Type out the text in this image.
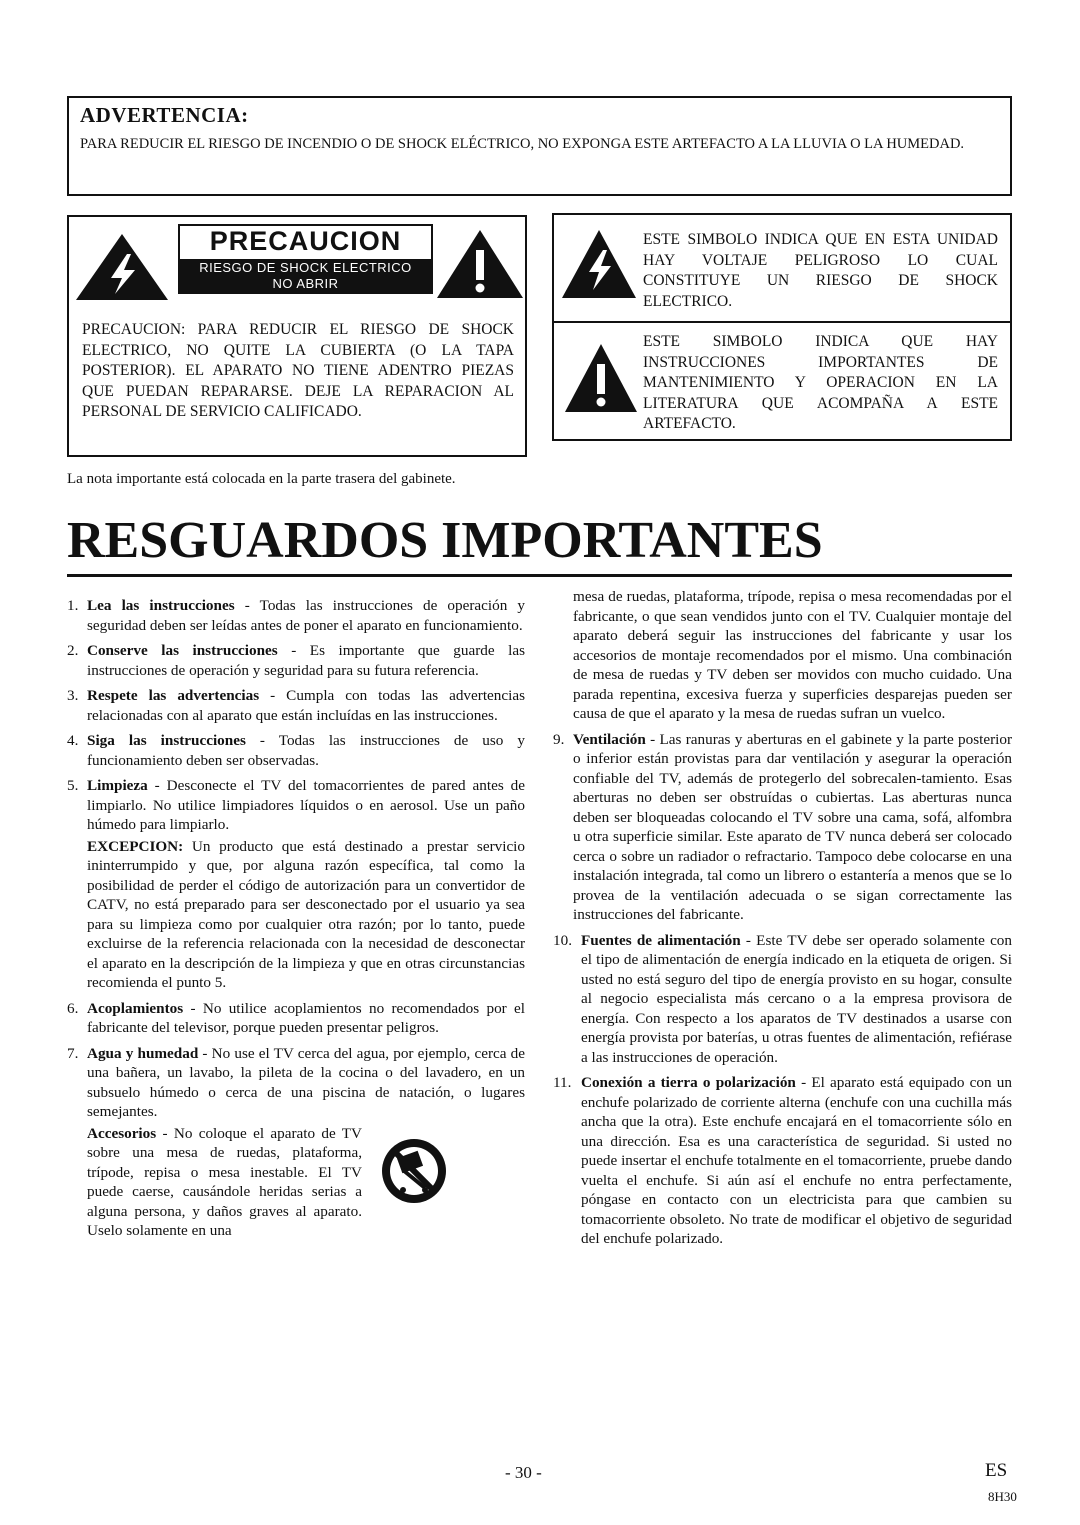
ADVERTENCIA:
PARA REDUCIR EL RIESGO DE INCENDIO O DE SHOCK ELÉCTRICO, NO EXPONGA ESTE ARTEFACTO A LA LLUVIA O LA HUMEDAD.
PRECAUCION
RIESGO DE SHOCK ELECTRICO
NO ABRIR
PRECAUCION: PARA REDUCIR EL RIESGO DE SHOCK ELECTRICO, NO QUITE LA CUBIERTA (O LA TAPA POSTERIOR). EL APARATO NO TIENE ADENTRO PIEZAS QUE PUEDAN REPARARSE. DEJE LA REPARACION AL PERSONAL DE SERVICIO CALIFICADO.
ESTE SIMBOLO INDICA QUE EN ESTA UNIDAD HAY VOLTAJE PELIGROSO LO CUAL CONSTITUYE UN RIESGO DE SHOCK ELECTRICO.
ESTE SIMBOLO INDICA QUE HAY INSTRUCCIONES IMPORTANTES DE MANTENIMIENTO Y OPERACION EN LA LITERATURA QUE ACOMPAÑA A ESTE ARTEFACTO.
La nota importante está colocada en la parte trasera del gabinete.
RESGUARDOS IMPORTANTES
1. Lea las instrucciones - Todas las instrucciones de operación y seguridad deben ser leídas antes de poner el aparato en funcionamiento.
2. Conserve las instrucciones - Es importante que guarde las instrucciones de operación y seguridad para su futura referencia.
3. Respete las advertencias - Cumpla con todas las advertencias relacionadas con al aparato que están incluídas en las instrucciones.
4. Siga las instrucciones - Todas las instrucciones de uso y funcionamiento deben ser observadas.
5. Limpieza - Desconecte el TV del tomacorrientes de pared antes de limpiarlo. No utilice limpiadores líquidos o en aerosol. Use un paño húmedo para limpiarlo.
EXCEPCION: Un producto que está destinado a prestar servicio ininterrumpido y que, por alguna razón específica, tal como la posibilidad de perder el código de autorización para un convertidor de CATV, no está preparado para ser desconectado por el usuario ya sea para su limpieza como por cualquier otra razón; por lo tanto, puede excluirse de la referencia relacionada con la necesidad de desconectar el aparato en la descripción de la limpieza y que en otras circunstancias recomienda el punto 5.
6. Acoplamientos - No utilice acoplamientos no recomendados por el fabricante del televisor, porque pueden presentar peligros.
7. Agua y humedad - No use el TV cerca del agua, por ejemplo, cerca de una bañera, un lavabo, la pileta de la cocina o del lavadero, en un subsuelo húmedo o cerca de una piscina de natación, o lugares semejantes.
Accesorios - No coloque el aparato de TV sobre una mesa de ruedas, plataforma, trípode, repisa o mesa inestable. El TV puede caerse, causándole heridas serias a alguna persona, y daños graves al aparato. Uselo solamente en una
mesa de ruedas, plataforma, trípode, repisa o mesa recomendadas por el fabricante, o que sean vendidos junto con el TV. Cualquier montaje del aparato deberá seguir las instrucciones del fabricante y usar los accesorios de montaje recomendados por el mismo. Una combinación de mesa de ruedas y TV deben ser movidos con mucho cuidado. Una parada repentina, excesiva fuerza y superficies desparejas pueden ser causa de que el aparato y la mesa de ruedas sufran un vuelco.
9. Ventilación - Las ranuras y aberturas en el gabinete y la parte posterior o inferior están provistas para dar ventilación y asegurar la operación confiable del TV, además de protegerlo del sobrecalen-tamiento. Esas aberturas no deben ser obstruídas o cubiertas. Las aberturas nunca deben ser bloqueadas colocando el TV sobre una cama, sofá, alfombra u otra superficie similar. Este aparato de TV nunca deberá ser colocado cerca o sobre un radiador o refractario. Tampoco debe colocarse en una instalación integrada, tal como un librero o estantería a menos que se lo provea de la ventilación adecuada o se sigan correctamente las instrucciones del fabricante.
10. Fuentes de alimentación - Este TV debe ser operado solamente con el tipo de alimentación de energía indicado en la etiqueta de origen. Si usted no está seguro del tipo de energía provisto en su hogar, consulte al negocio especialista más cercano o a la empresa provisora de energía. Con respecto a los aparatos de TV destinados a usarse con energía provista por baterías, u otras fuentes de alimentación, refiérase a las instrucciones de operación.
11. Conexión a tierra o polarización - El aparato está equipado con un enchufe polarizado de corriente alterna (enchufe con una cuchilla más ancha que la otra). Este enchufe encajará en el tomacorriente sólo en una dirección. Esa es una característica de seguridad. Si usted no puede insertar el enchufe totalmente en el tomacorriente, pruebe dando vuelta el enchufe. Si aún así el enchufe no entra perfectamente, póngase en contacto con un electricista para que cambien su tomacorriente obsoleto. No trate de modificar el objetivo de seguridad del enchufe polarizado.
- 30 -	ES
8H30
